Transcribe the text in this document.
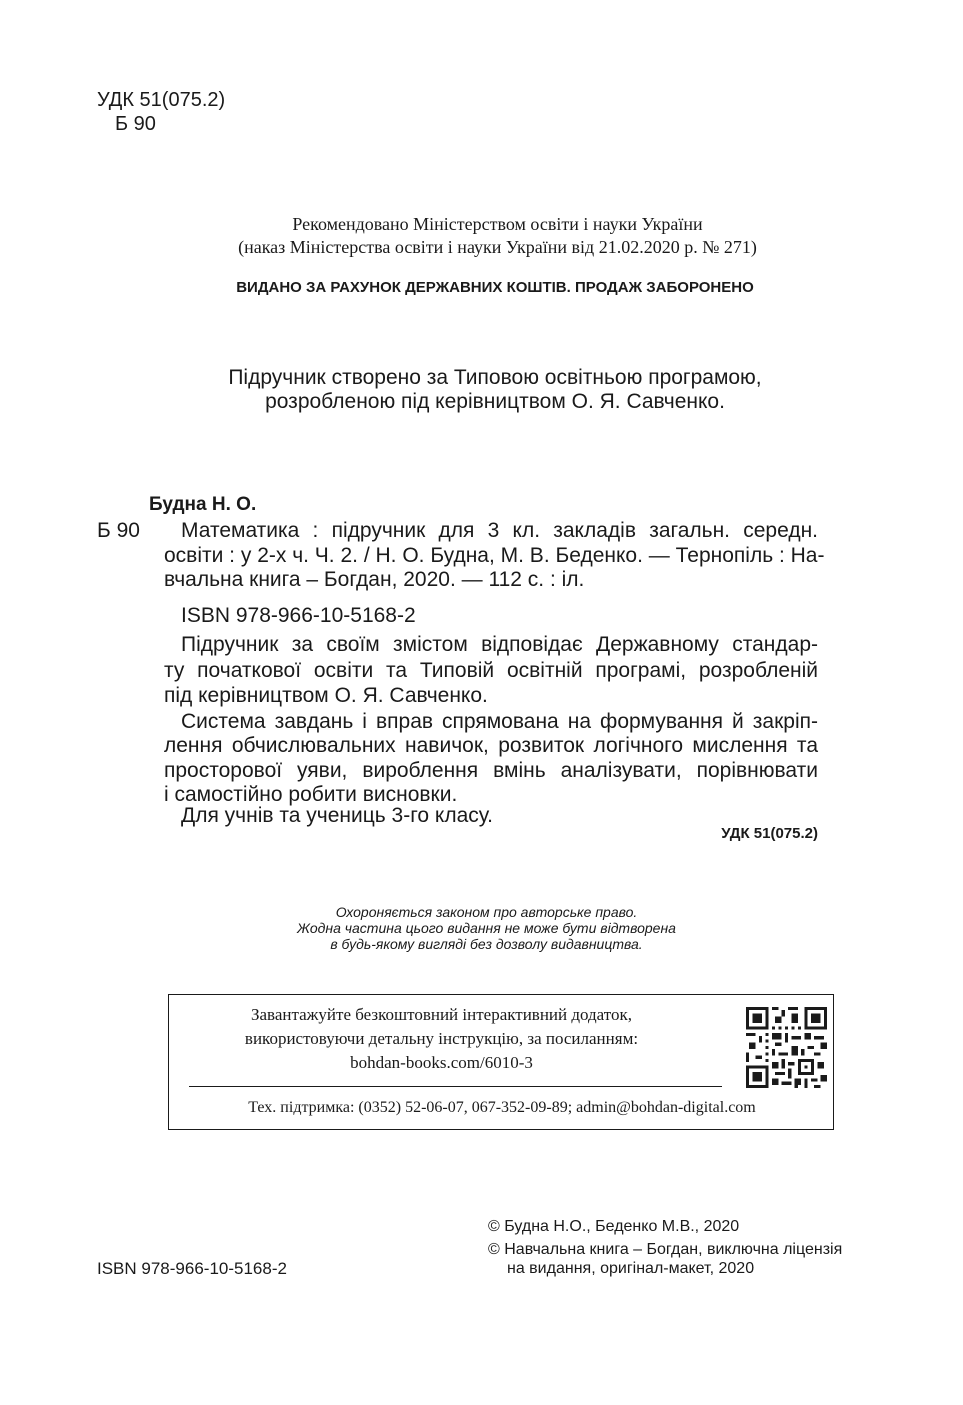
УДК 51(075.2)
Б 90
Рекомендовано Міністерством освіти і науки України
(наказ Міністерства освіти і науки України від 21.02.2020 р. № 271)
ВИДАНО ЗА РАХУНОК ДЕРЖАВНИХ КОШТІВ. ПРОДАЖ ЗАБОРОНЕНО
Підручник створено за Типовою освітньою програмою,
розробленою під керівництвом О. Я. Савченко.
Будна Н. О.
Б 90 Математика : підручник для 3 кл. закладів загальн. середн.
освіти : у 2-х ч. Ч. 2. / Н. О. Будна, М. В. Беденко. — Тернопіль : На-
вчальна книга – Богдан, 2020. — 112 с. : іл.
ISBN 978-966-10-5168-2
Підручник за своїм змістом відповідає Державному стандар-
ту початкової освіти та Типовій освітній програмі, розробленій
під керівництвом О. Я. Савченко.
Система завдань і вправ спрямована на формування й закріп-
лення обчислювальних навичок, розвиток логічного мислення та
просторової уяви, вироблення вмінь аналізувати, порівнювати
і самостійно робити висновки.
Для учнів та учениць 3-го класу.
УДК 51(075.2)
Охороняється законом про авторське право.
Жодна частина цього видання не може бути відтворена
в будь-якому вигляді без дозволу видавництва.
Завантажуйте безкоштовний інтерактивний додаток,
використовуючи детальну інструкцію, за посиланням:
bohdan-books.com/6010-3
Тех. підтримка: (0352) 52-06-07, 067-352-09-89; admin@bohdan-digital.com
ISBN 978-966-10-5168-2
© Будна Н.О., Беденко М.В., 2020
© Навчальна книга – Богдан, виключна ліцензія
на видання, оригінал-макет, 2020
